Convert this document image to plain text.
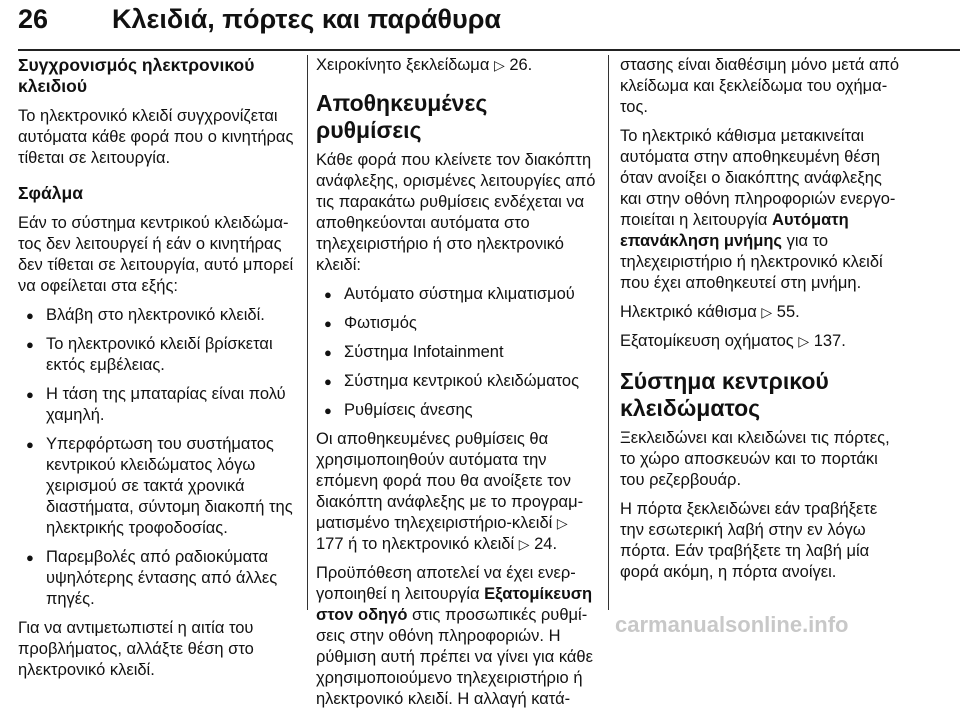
26 Κλειδιά, πόρτες και παράθυρα
Συγχρονισμός ηλεκτρονικού κλειδιού

Το ηλεκτρονικό κλειδί συγχρονίζεται αυτόματα κάθε φορά που ο κινητήρας τίθεται σε λειτουργία.

Σφάλμα

Εάν το σύστημα κεντρικού κλειδώματος δεν λειτουργεί ή εάν ο κινητήρας δεν τίθεται σε λειτουργία, αυτό μπορεί να οφείλεται στα εξής:

● Βλάβη στο ηλεκτρονικό κλειδί.
● Το ηλεκτρονικό κλειδί βρίσκεται εκτός εμβέλειας.
● Η τάση της μπαταρίας είναι πολύ χαμηλή.
● Υπερφόρτωση του συστήματος κεντρικού κλειδώματος λόγω χειρισμού σε τακτά χρονικά διαστήματα, σύντομη διακοπή της ηλεκτρικής τροφοδοσίας.
● Παρεμβολές από ραδιοκύματα υψηλότερης έντασης από άλλες πηγές.

Για να αντιμετωπιστεί η αιτία του προβλήματος, αλλάξτε θέση στο ηλεκτρονικό κλειδί.

Χειροκίνητο ξεκλείδωμα ▷ 26.

Αποθηκευμένες ρυθμίσεις

Κάθε φορά που κλείνετε τον διακόπτη ανάφλεξης, ορισμένες λειτουργίες από τις παρακάτω ρυθμίσεις ενδέχεται να αποθηκεύονται αυτόματα στο τηλεχειριστήριο ή στο ηλεκτρονικό κλειδί:

● Αυτόματο σύστημα κλιματισμού
● Φωτισμός
● Σύστημα Infotainment
● Σύστημα κεντρικού κλειδώματος
● Ρυθμίσεις άνεσης

Οι αποθηκευμένες ρυθμίσεις θα χρησιμοποιηθούν αυτόματα την επόμενη φορά που θα ανοίξετε τον διακόπτη ανάφλεξης με το προγραμματισμένο τηλεχειριστήριο-κλειδί ▷ 177 ή το ηλεκτρονικό κλειδί ▷ 24.

Προϋπόθεση αποτελεί να έχει ενεργοποιηθεί η λειτουργία Εξατομίκευση στον οδηγό στις προσωπικές ρυθμίσεις στην οθόνη πληροφοριών. Η ρύθμιση αυτή πρέπει να γίνει για κάθε χρησιμοποιούμενο τηλεχειριστήριο ή ηλεκτρονικό κλειδί. Η αλλαγή κατά-

στασης είναι διαθέσιμη μόνο μετά από κλείδωμα και ξεκλείδωμα του οχήματος.

Το ηλεκτρικό κάθισμα μετακινείται αυτόματα στην αποθηκευμένη θέση όταν ανοίξει ο διακόπτης ανάφλεξης και στην οθόνη πληροφοριών ενεργοποιείται η λειτουργία Αυτόματη επανάκληση μνήμης για το τηλεχειριστήριο ή ηλεκτρονικό κλειδί που έχει αποθηκευτεί στη μνήμη.

Ηλεκτρικό κάθισμα ▷ 55.

Εξατομίκευση οχήματος ▷ 137.

Σύστημα κεντρικού κλειδώματος

Ξεκλειδώνει και κλειδώνει τις πόρτες, το χώρο αποσκευών και το πορτάκι του ρεζερβουάρ.

Η πόρτα ξεκλειδώνει εάν τραβήξετε την εσωτερική λαβή στην εν λόγω πόρτα. Εάν τραβήξετε τη λαβή μία φορά ακόμη, η πόρτα ανοίγει.

carmanualsonline.info
